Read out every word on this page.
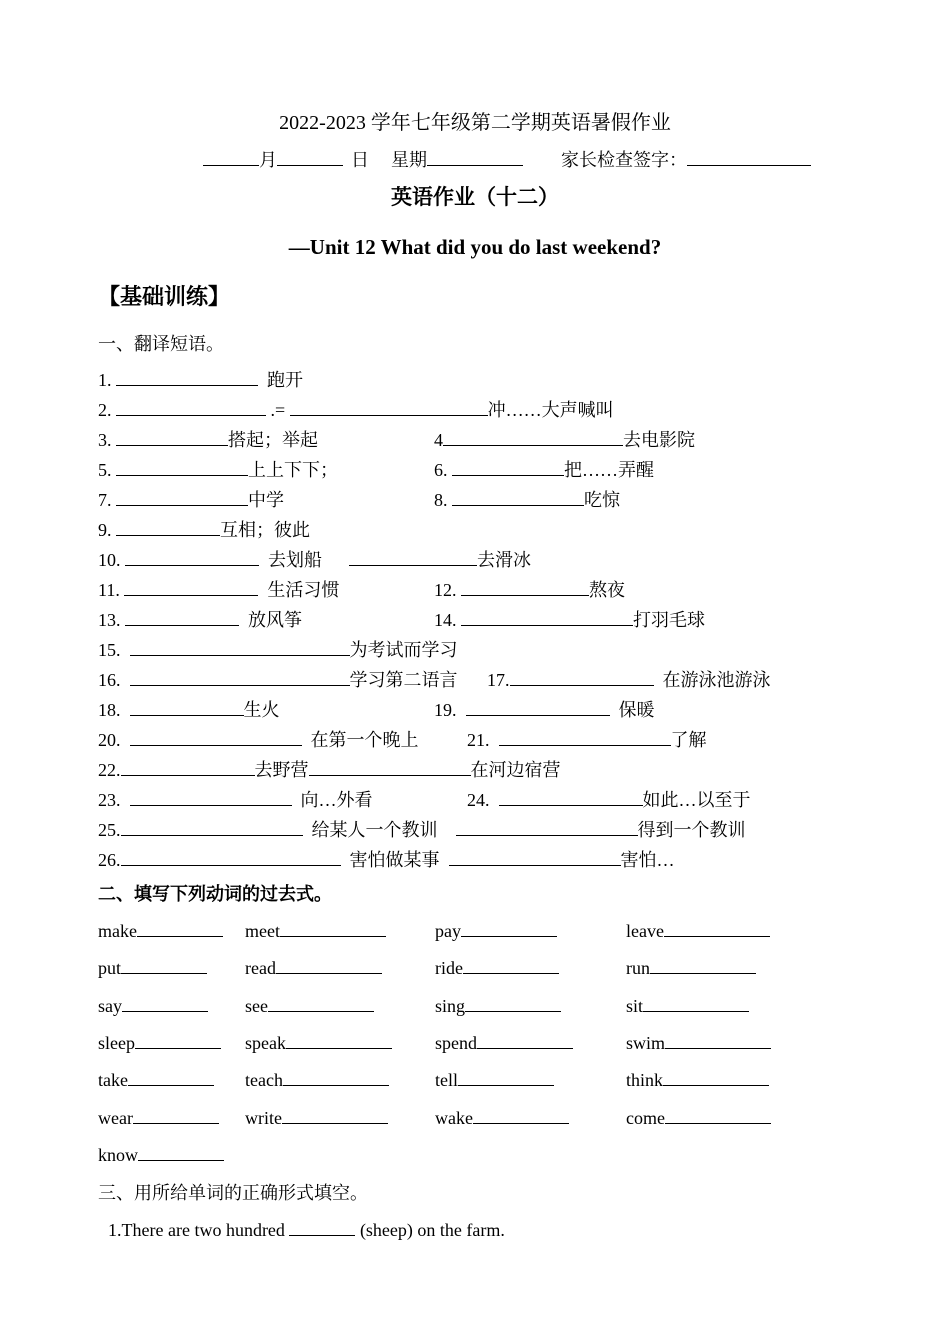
2022-2023 学年七年级第二学期英语暑假作业
月	日 星期	家长检查签字：
英语作业（十二）
—Unit 12 What did you do last weekend?
【基础训练】
一、翻译短语。
1.	跑开
2.	.=	冲……大声喊叫
3.	搭起；举起	4	去电影院
5.	上上下下；	6.	把……弄醒
7.	中学	8.	吃惊
9.	互相；彼此
10.	去划船	去滑冰
11.	生活习惯	12.	熬夜
13.	放风筝	14.	打羽毛球
15.	为考试而学习
16.	学习第二语言 17.	在游泳池游泳
18.	生火	19.	保暖
20.	在第一个晚上	21.	了解
22.	去野营	在河边宿营
23.	向…外看	24.	如此…以至于
25.	给某人一个教训	得到一个教训
26.	害怕做某事	害怕…
二、填写下列动词的过去式。
make	meet	pay	leave
put	read	ride	run
say	see	sing	sit
sleep	speak	spend	swim
take	teach	tell	think
wear	write	wake	come
know
三、用所给单词的正确形式填空。
1.There are two hundred	(sheep) on the farm.
